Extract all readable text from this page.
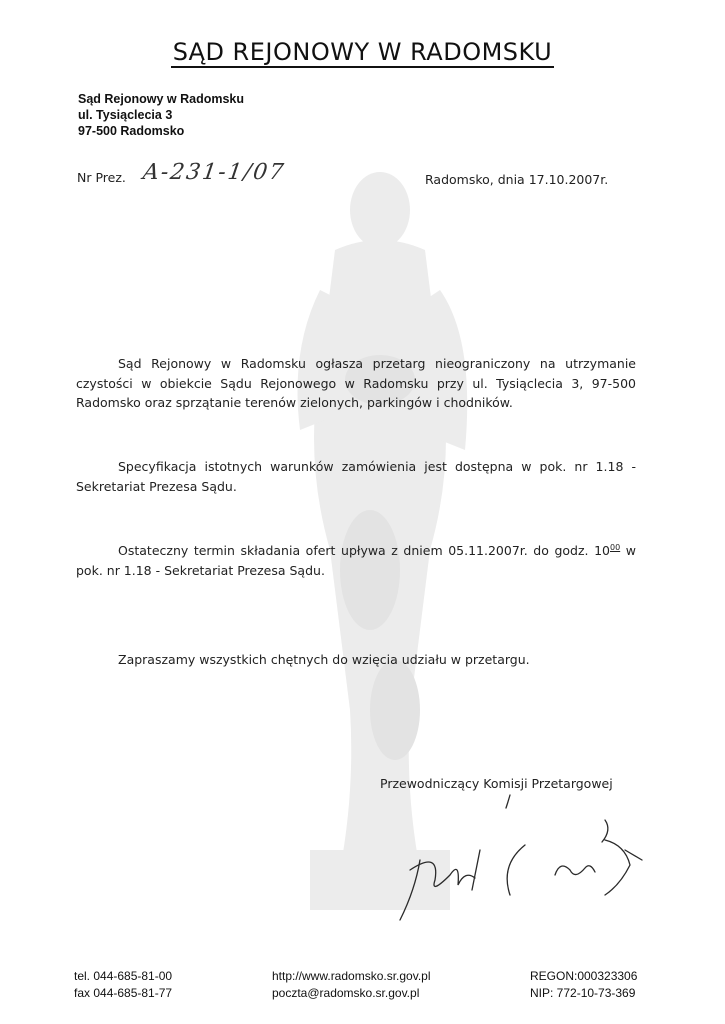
SĄD REJONOWY W RADOMSKU
Sąd Rejonowy w Radomsku
ul. Tysiąclecia 3
97-500 Radomsko
Nr Prez. A-231-1/07	Radomsko, dnia 17.10.2007r.
Sąd Rejonowy w Radomsku ogłasza przetarg nieograniczony na utrzymanie czystości w obiekcie Sądu Rejonowego w Radomsku przy ul. Tysiąclecia 3, 97-500 Radomsko oraz sprzątanie terenów zielonych, parkingów i chodników.
Specyfikacja istotnych warunków zamówienia jest dostępna w pok. nr 1.18 - Sekretariat Prezesa Sądu.
Ostateczny termin składania ofert upływa z dniem 05.11.2007r. do godz. $10^{00}$ w pok. nr 1.18 - Sekretariat Prezesa Sądu.
Zapraszamy wszystkich chętnych do wzięcia udziału w przetargu.
Przewodniczący Komisji Przetargowej
tel. 044-685-81-00
fax 044-685-81-77
http://www.radomsko.sr.gov.pl
poczta@radomsko.sr.gov.pl
REGON:000323306
NIP: 772-10-73-369
